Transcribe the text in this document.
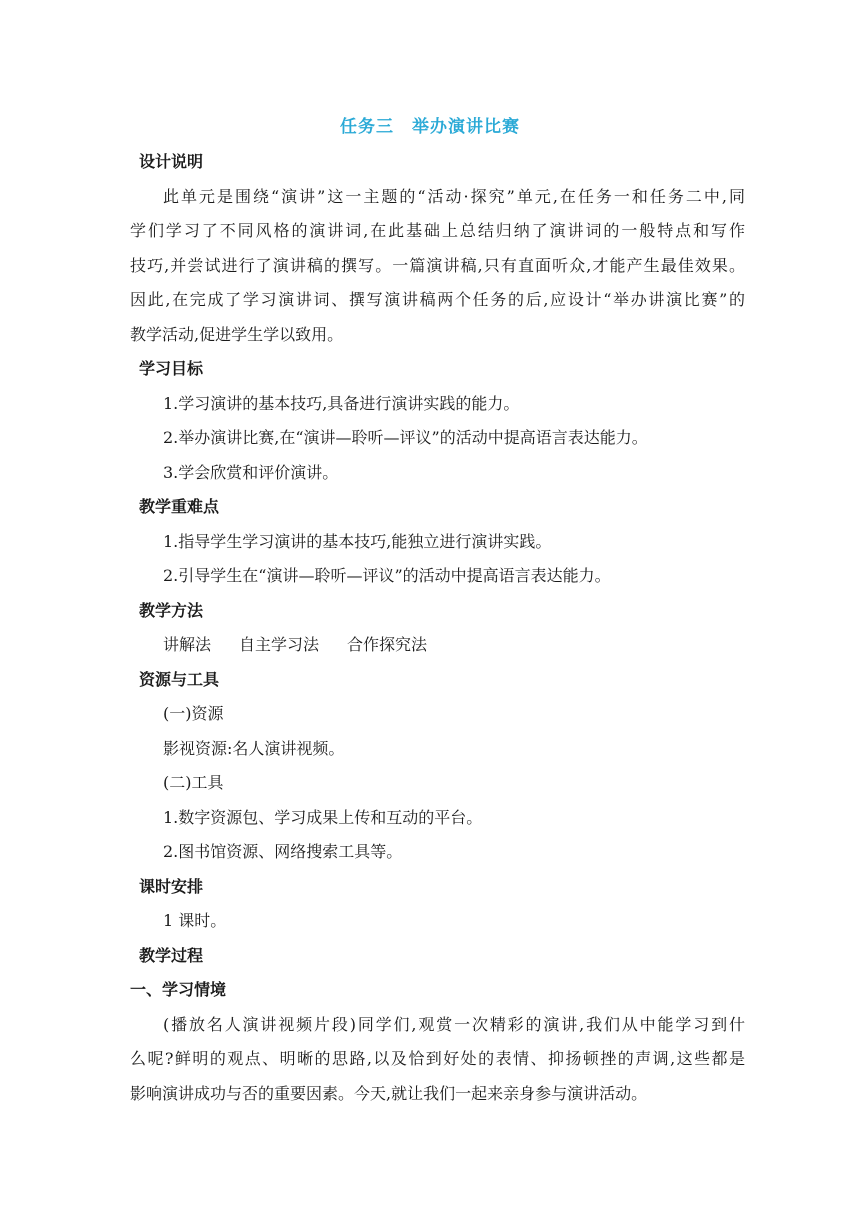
任务三 举办演讲比赛
设计说明
此单元是围绕“演讲”这一主题的“活动·探究”单元,在任务一和任务二中,同
学们学习了不同风格的演讲词,在此基础上总结归纳了演讲词的一般特点和写作
技巧,并尝试进行了演讲稿的撰写。一篇演讲稿,只有直面听众,才能产生最佳效果。
因此,在完成了学习演讲词、撰写演讲稿两个任务的后,应设计“举办讲演比赛”的
教学活动,促进学生学以致用。
学习目标
1.学习演讲的基本技巧,具备进行演讲实践的能力。
2.举办演讲比赛,在“演讲—聆听—评议”的活动中提高语言表达能力。
3.学会欣赏和评价演讲。
教学重难点
1.指导学生学习演讲的基本技巧,能独立进行演讲实践。
2.引导学生在“演讲—聆听—评议”的活动中提高语言表达能力。
教学方法
讲解法 自主学习法 合作探究法
资源与工具
(一)资源
影视资源:名人演讲视频。
(二)工具
1.数字资源包、学习成果上传和互动的平台。
2.图书馆资源、网络搜索工具等。
课时安排
1 课时。
教学过程
一、学习情境
(播放名人演讲视频片段)同学们,观赏一次精彩的演讲,我们从中能学习到什
么呢?鲜明的观点、明晰的思路,以及恰到好处的表情、抑扬顿挫的声调,这些都是
影响演讲成功与否的重要因素。今天,就让我们一起来亲身参与演讲活动。
